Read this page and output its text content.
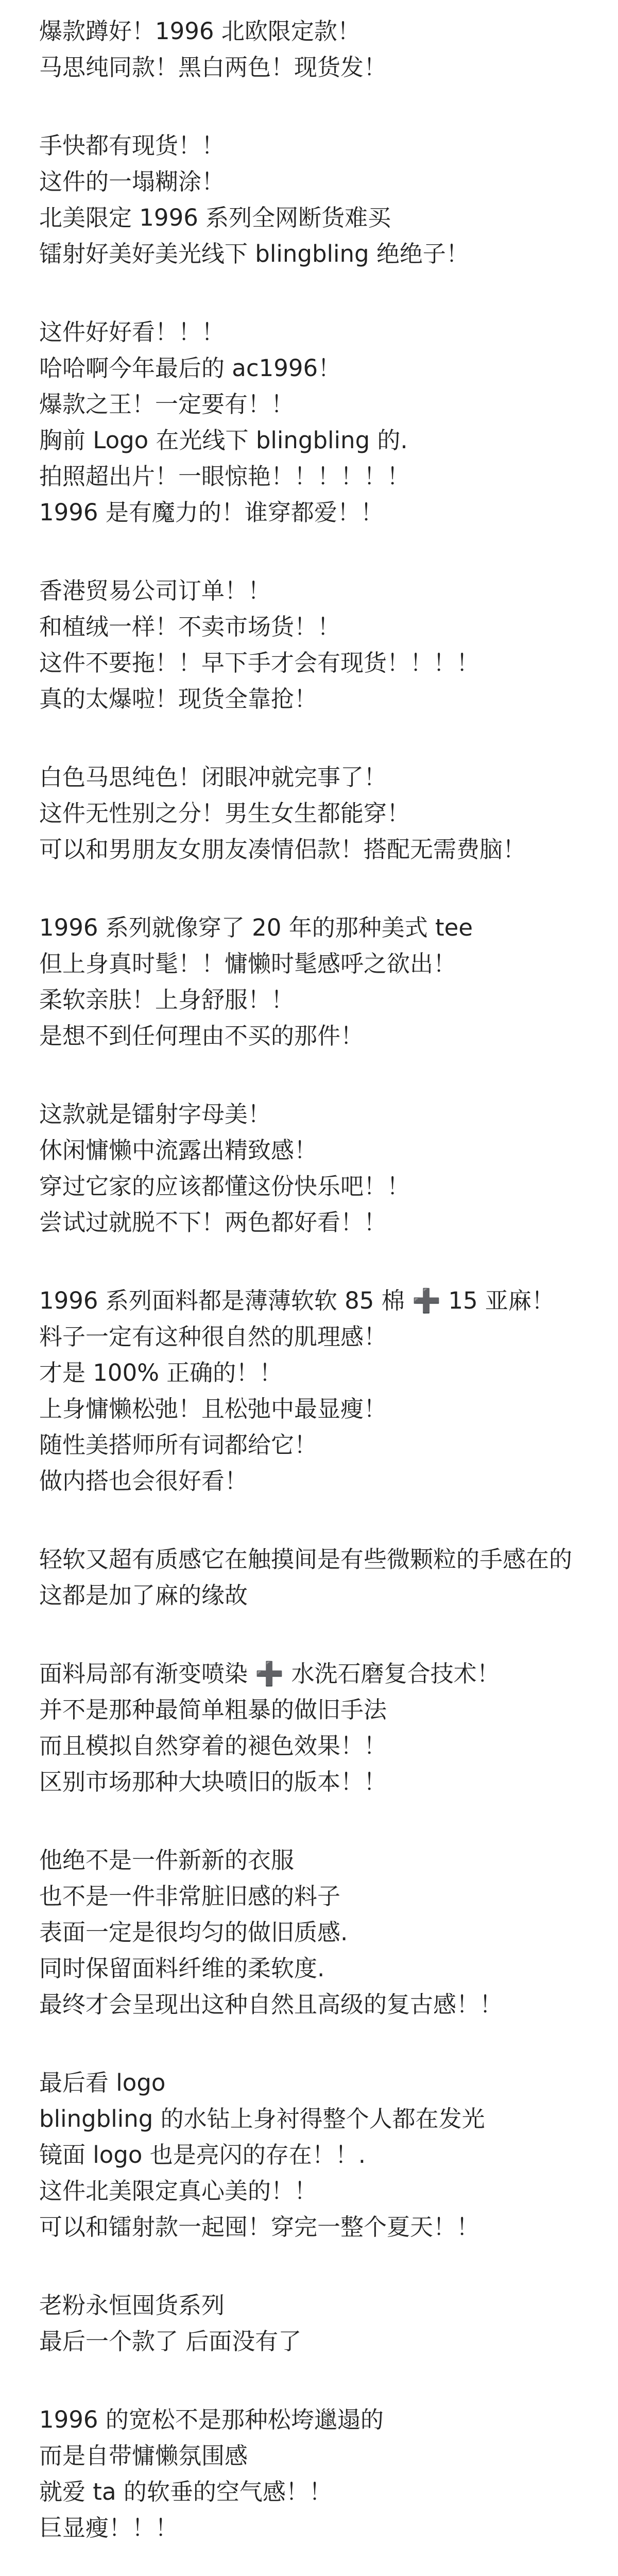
爆款蹲好！1996 北欧限定款！
马思纯同款！黑白两色！现货发！
手快都有现货！！
这件的一塌糊涂！
北美限定 1996 系列全网断货难买
镭射好美好美光线下 blingbling 绝绝子！
这件好好看！！！
哈哈啊今年最后的 ac1996！
爆款之王！一定要有！！
胸前 Logo 在光线下 blingbling 的.
拍照超出片！一眼惊艳！！！！！！
1996 是有魔力的！谁穿都爱！！
香港贸易公司订单！！
和植绒一样！不卖市场货！！
这件不要拖！！早下手才会有现货！！！！
真的太爆啦！现货全靠抢！
白色马思纯色！闭眼冲就完事了！
这件无性别之分！男生女生都能穿！
可以和男朋友女朋友凑情侣款！搭配无需费脑！
1996 系列就像穿了 20 年的那种美式 tee
但上身真时髦！！慵懒时髦感呼之欲出！
柔软亲肤！上身舒服！！
是想不到任何理由不买的那件！
这款就是镭射字母美！
休闲慵懒中流露出精致感！
穿过它家的应该都懂这份快乐吧！！
尝试过就脱不下！两色都好看！！
1996 系列面料都是薄薄软软 85 棉 ➕ 15 亚麻！
料子一定有这种很自然的肌理感！
才是 100% 正确的！！
上身慵懒松弛！且松弛中最显瘦！
随性美搭师所有词都给它！
做内搭也会很好看！
轻软又超有质感它在触摸间是有些微颗粒的手感在的这都是加了麻的缘故
面料局部有渐变喷染 ➕ 水洗石磨复合技术！
并不是那种最简单粗暴的做旧手法
而且模拟自然穿着的褪色效果！！
区别市场那种大块喷旧的版本！！
他绝不是一件新新的衣服
也不是一件非常脏旧感的料子
表面一定是很均匀的做旧质感.
同时保留面料纤维的柔软度.
最终才会呈现出这种自然且高级的复古感！！
最后看 logo
blingbling 的水钻上身衬得整个人都在发光
镜面 logo 也是亮闪的存在！！.
这件北美限定真心美的！！
可以和镭射款一起囤！穿完一整个夏天！！
老粉永恒囤货系列
最后一个款了 后面没有了
1996 的宽松不是那种松垮邋遢的
而是自带慵懒氛围感
就爱 ta 的软垂的空气感！！
巨显瘦！！！
